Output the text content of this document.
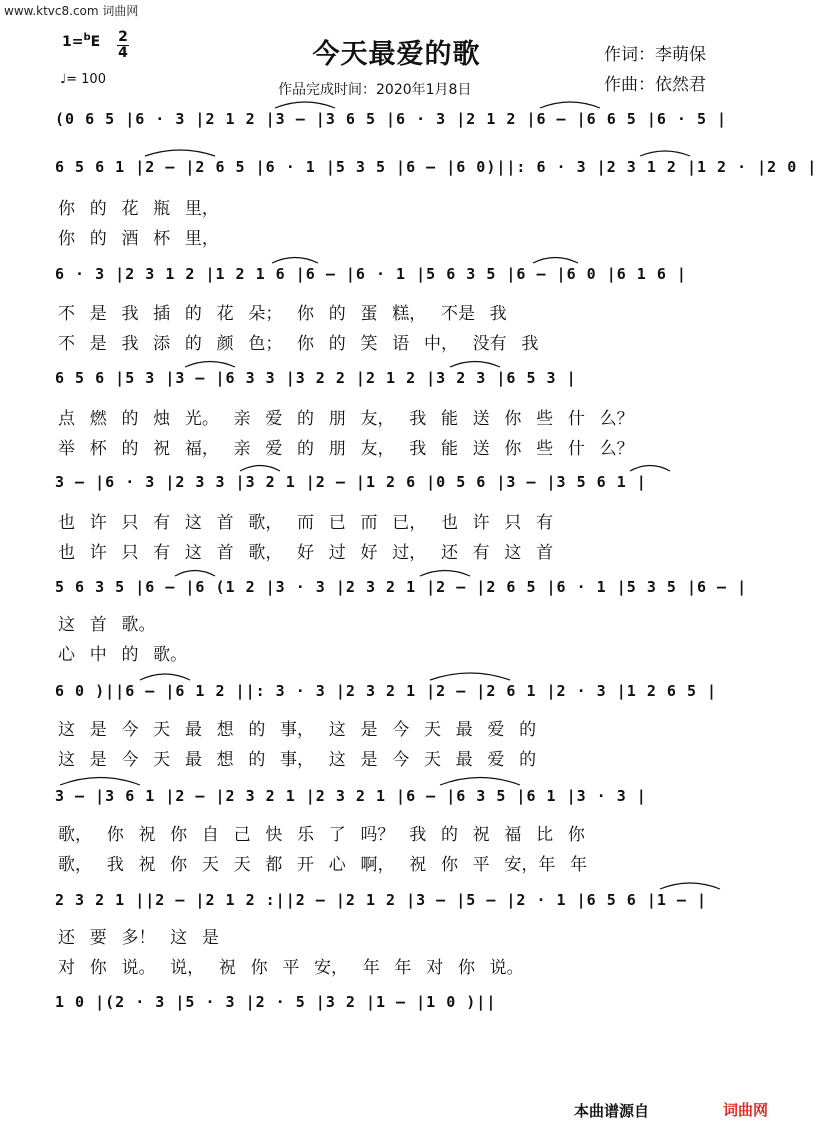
www.ktvc8.com 词曲网
今天最爱的歌	作词：李萌保
作曲：依然君
1=$^b$E 2
4
♩= 100
作品完成时间：2020年1月8日
(0 6 5 |6 · 3 |2 1 2 |3 – |3 6 5 |6 · 3 |2 1 2 |6 – |6 6 5 |6 · 5 |
6 5 6 1 |2 – |2 6 5 |6 · 1 |5 3 5 |6 – |6 0)||: 6 · 3 |2 3 1 2 |1 2 · |2 0 |
你 的 花 瓶 里，
你 的 酒 杯 里，
6 · 3 |2 3 1 2 |1 2 1 6 |6 – |6 · 1 |5 6 3 5 |6 – |6 0 |6 1 6 |
不 是 我 插 的 花 朵； 你 的 蛋 糕， 不是 我
不 是 我 添 的 颜 色； 你 的 笑 语 中， 没有 我
6 5 6 |5 3 |3 – |6 3 3 |3 2 2 |2 1 2 |3 2 3 |6 5 3 |
点 燃 的 烛 光。 亲 爱 的 朋 友， 我 能 送 你 些 什 么？
举 杯 的 祝 福， 亲 爱 的 朋 友， 我 能 送 你 些 什 么？
3 – |6 · 3 |2 3 3 |3 2 1 |2 – |1 2 6 |0 5 6 |3 – |3 5 6 1 |
也 许 只 有 这 首 歌， 而 已 而 已， 也 许 只 有
也 许 只 有 这 首 歌， 好 过 好 过， 还 有 这 首
5 6 3 5 |6 – |6 (1 2 |3 · 3 |2 3 2 1 |2 – |2 6 5 |6 · 1 |5 3 5 |6 – |
这 首 歌。
心 中 的 歌。
6 0 )||6 – |6 1 2 ||: 3 · 3 |2 3 2 1 |2 – |2 6 1 |2 · 3 |1 2 6 5 |
这 是 今 天 最 想 的 事， 这 是 今 天 最 爱 的
这 是 今 天 最 想 的 事， 这 是 今 天 最 爱 的
3 – |3 6 1 |2 – |2 3 2 1 |2 3 2 1 |6 – |6 3 5 |6 1 |3 · 3 |
歌， 你 祝 你 自 己 快 乐 了 吗？ 我 的 祝 福 比 你
歌， 我 祝 你 天 天 都 开 心 啊， 祝 你 平 安，年 年
2 3 2 1 ||2 – |2 1 2 :||2 – |2 1 2 |3 – |5 – |2 · 1 |6 5 6 |1 – |
还 要 多！ 这 是
对 你 说。 说， 祝 你 平 安， 年 年 对 你 说。
1 0 |(2 · 3 |5 · 3 |2 · 5 |3 2 |1 – |1 0 )||
本曲谱源自	词曲网
